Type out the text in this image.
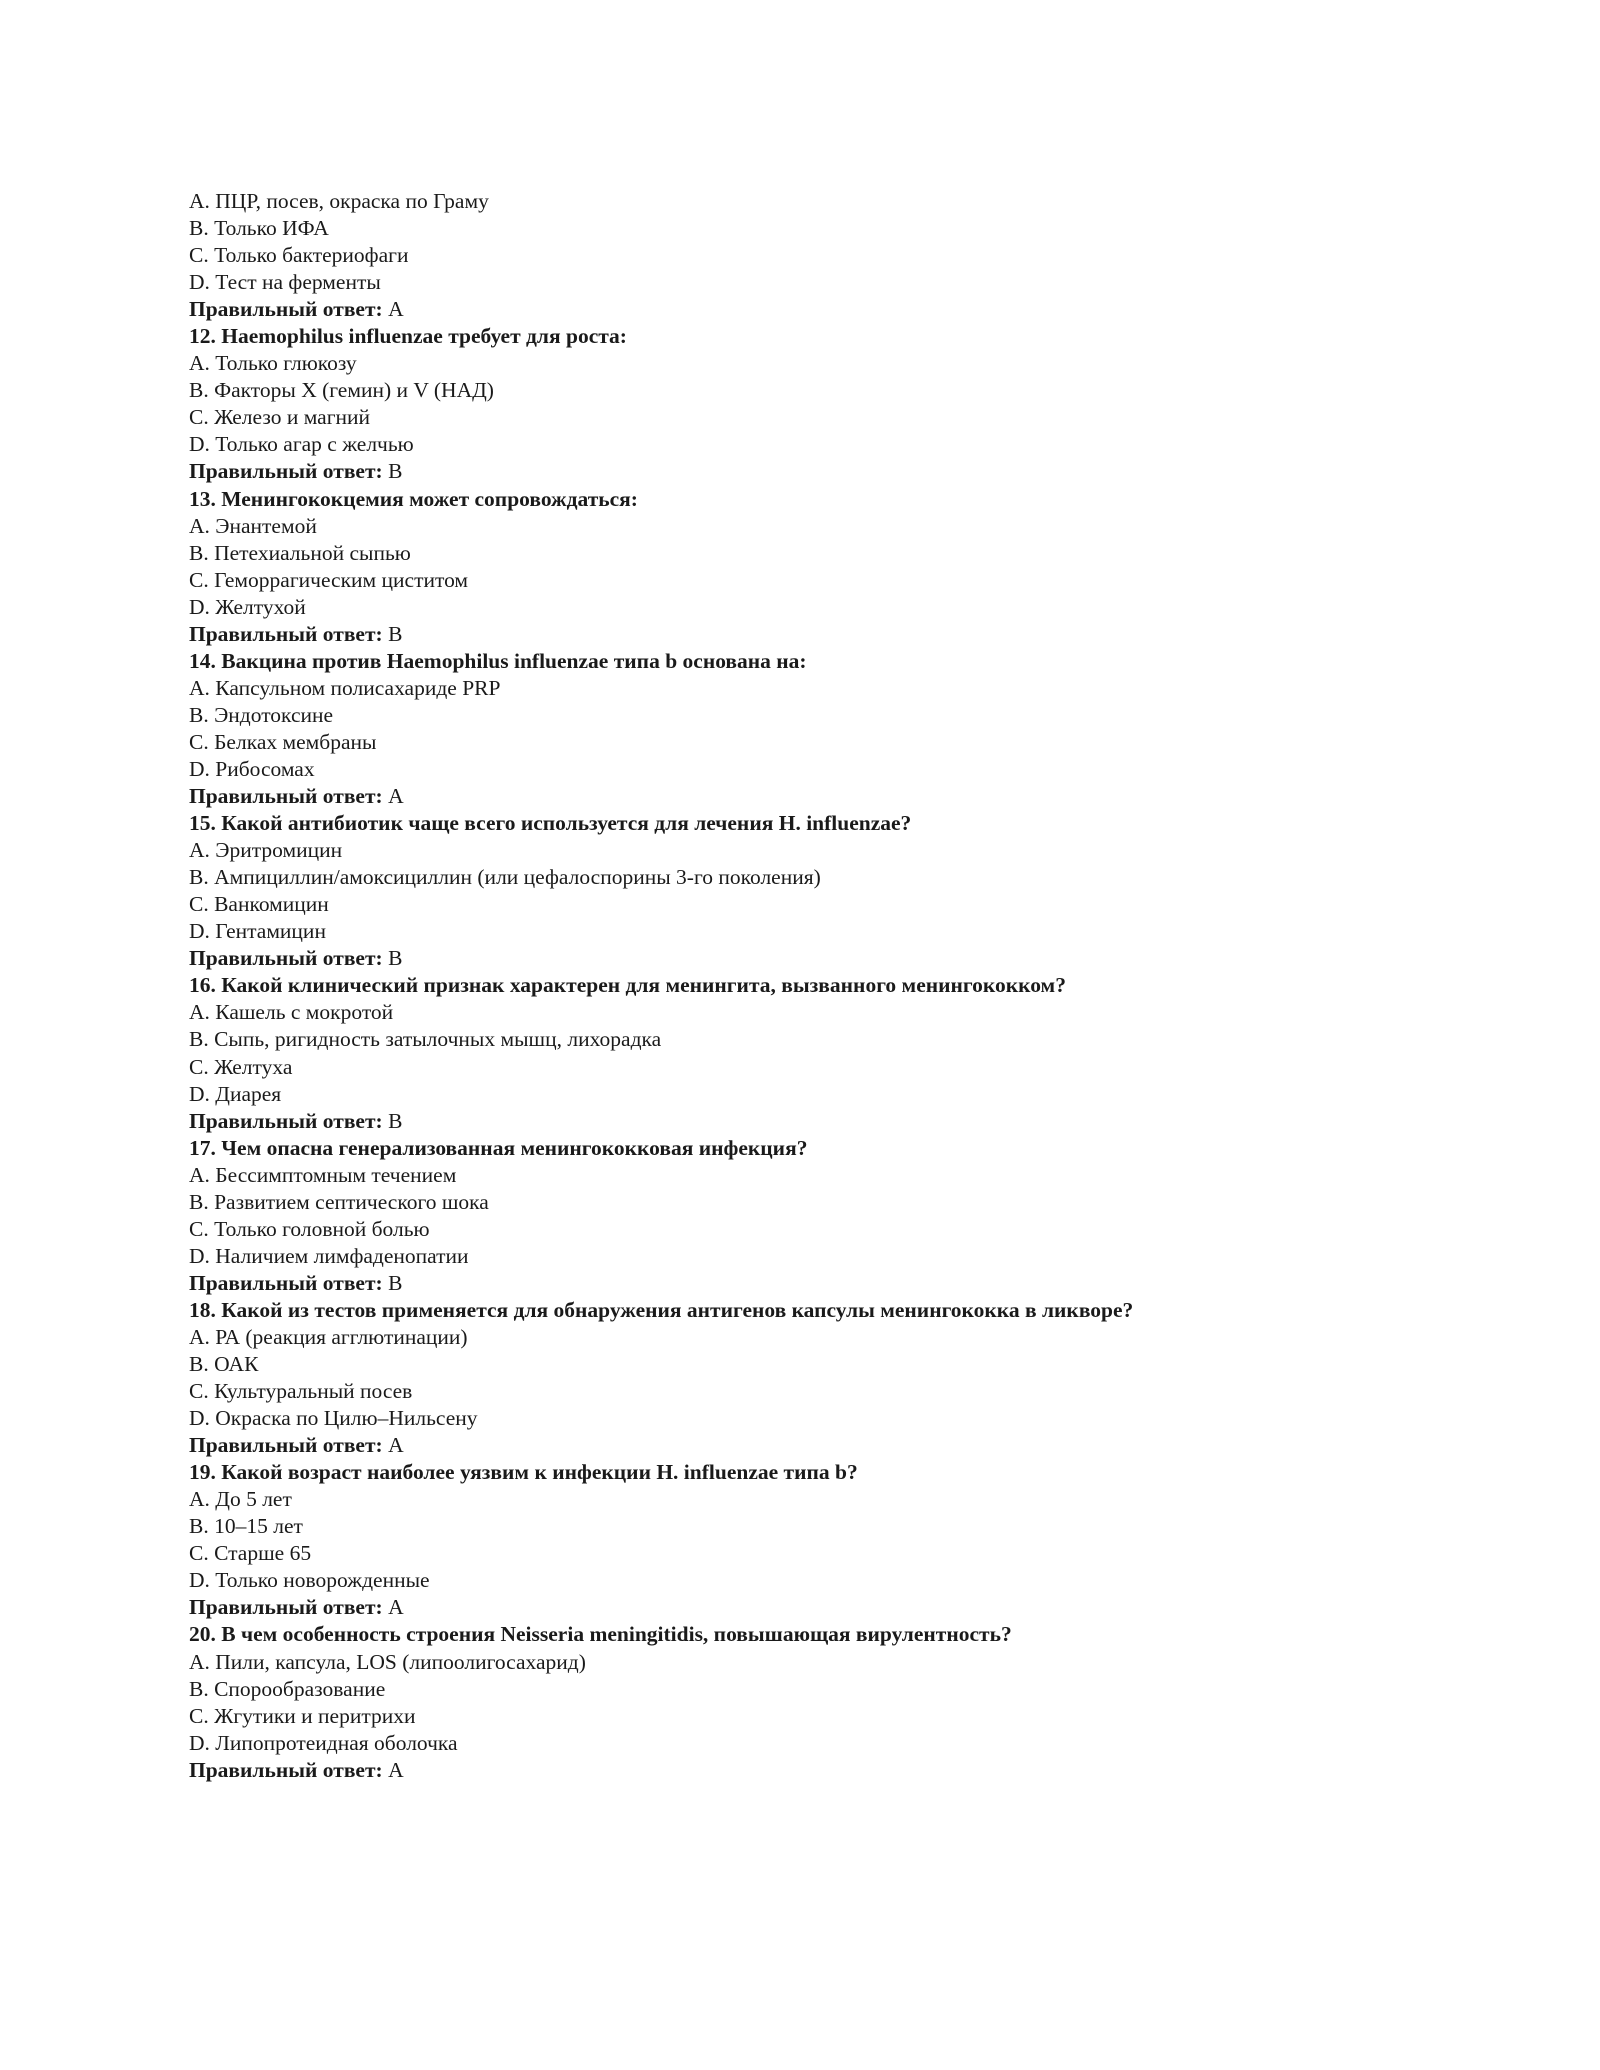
A. ПЦР, посев, окраска по Граму
B. Только ИФА
C. Только бактериофаги
D. Тест на ферменты
Правильный ответ: A
12. Haemophilus influenzae требует для роста:
A. Только глюкозу
B. Факторы X (гемин) и V (НАД)
C. Железо и магний
D. Только агар с желчью
Правильный ответ: B
13. Менингококцемия может сопровождаться:
A. Энантемой
B. Петехиальной сыпью
C. Геморрагическим циститом
D. Желтухой
Правильный ответ: B
14. Вакцина против Haemophilus influenzae типа b основана на:
A. Капсульном полисахариде PRP
B. Эндотоксине
C. Белках мембраны
D. Рибосомах
Правильный ответ: A
15. Какой антибиотик чаще всего используется для лечения H. influenzae?
A. Эритромицин
B. Ампициллин/амоксициллин (или цефалоспорины 3-го поколения)
C. Ванкомицин
D. Гентамицин
Правильный ответ: B
16. Какой клинический признак характерен для менингита, вызванного менингококком?
A. Кашель с мокротой
B. Сыпь, ригидность затылочных мышц, лихорадка
C. Желтуха
D. Диарея
Правильный ответ: B
17. Чем опасна генерализованная менингококковая инфекция?
A. Бессимптомным течением
B. Развитием септического шока
C. Только головной болью
D. Наличием лимфаденопатии
Правильный ответ: B
18. Какой из тестов применяется для обнаружения антигенов капсулы менингококка в ликворе?
A. РА (реакция агглютинации)
B. ОАК
C. Культуральный посев
D. Окраска по Цилю–Нильсену
Правильный ответ: A
19. Какой возраст наиболее уязвим к инфекции H. influenzae типа b?
A. До 5 лет
B. 10–15 лет
C. Старше 65
D. Только новорожденные
Правильный ответ: A
20. В чем особенность строения Neisseria meningitidis, повышающая вирулентность?
A. Пили, капсула, LOS (липоолигосахарид)
B. Спорообразование
C. Жгутики и перитрихи
D. Липопротеидная оболочка
Правильный ответ: A
